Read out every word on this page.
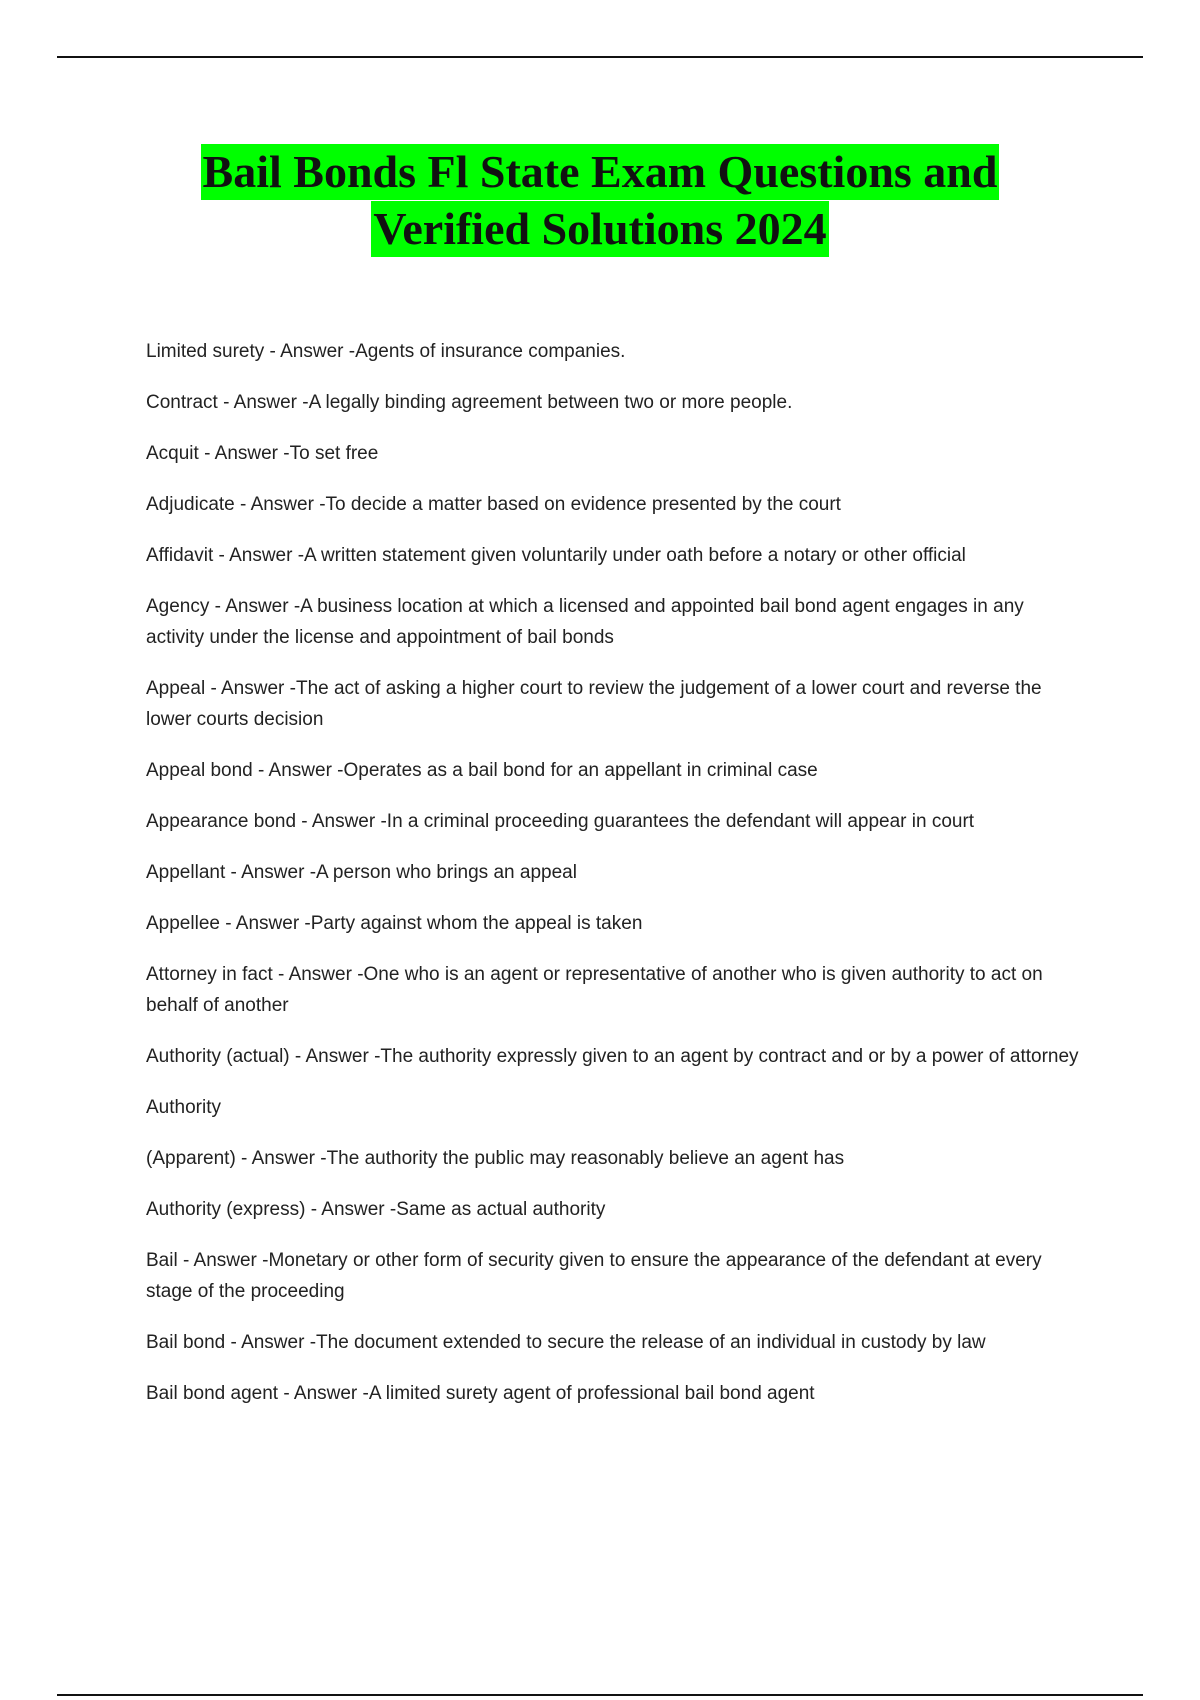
Bail Bonds Fl State Exam Questions and
Verified Solutions 2024

Limited surety - Answer -Agents of insurance companies.

Contract - Answer -A legally binding agreement between two or more people.

Acquit - Answer -To set free

Adjudicate - Answer -To decide a matter based on evidence presented by the court

Affidavit - Answer -A written statement given voluntarily under oath before a notary or other official

Agency - Answer -A business location at which a licensed and appointed bail bond agent engages in any activity under the license and appointment of bail bonds

Appeal - Answer -The act of asking a higher court to review the judgement of a lower court and reverse the lower courts decision

Appeal bond - Answer -Operates as a bail bond for an appellant in criminal case

Appearance bond - Answer -In a criminal proceeding guarantees the defendant will appear in court

Appellant - Answer -A person who brings an appeal

Appellee - Answer -Party against whom the appeal is taken

Attorney in fact - Answer -One who is an agent or representative of another who is given authority to act on behalf of another

Authority (actual) - Answer -The authority expressly given to an agent by contract and or by a power of attorney

Authority

(Apparent) - Answer -The authority the public may reasonably believe an agent has

Authority (express) - Answer -Same as actual authority

Bail - Answer -Monetary or other form of security given to ensure the appearance of the defendant at every stage of the proceeding

Bail bond - Answer -The document extended to secure the release of an individual in custody by law

Bail bond agent - Answer -A limited surety agent of professional bail bond agent
